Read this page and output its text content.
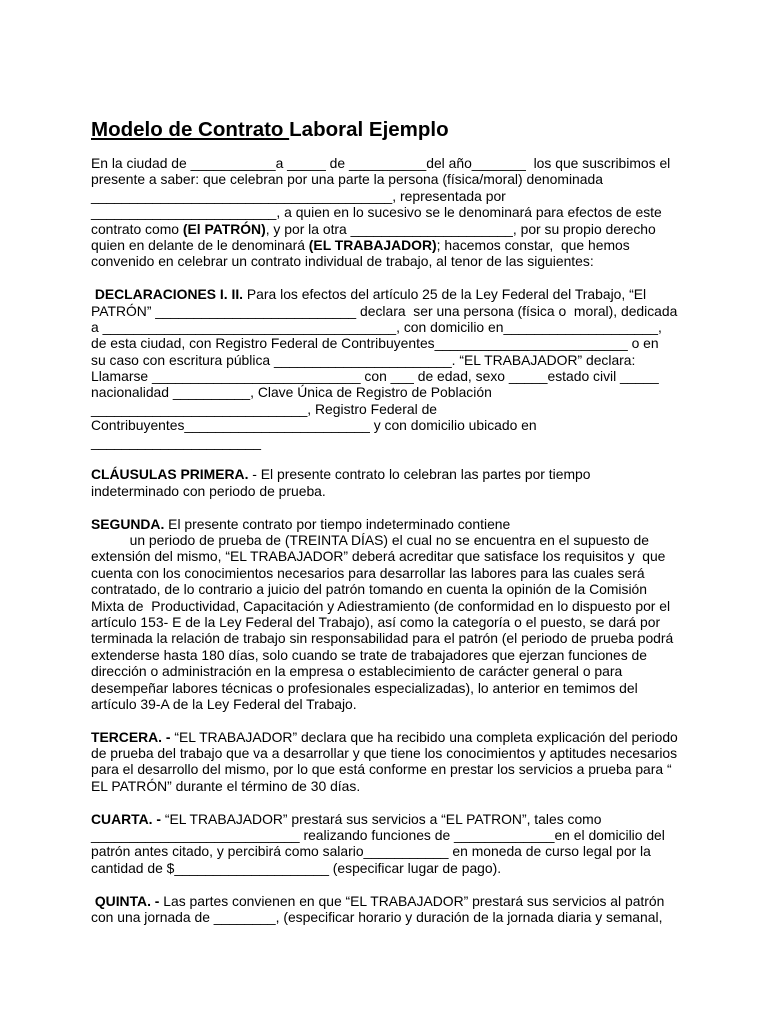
Modelo de Contrato Laboral Ejemplo
En la ciudad de ___________a _____ de __________del año_______  los que suscribimos el
presente a saber: que celebran por una parte la persona (física/moral) denominada
_______________________________________, representada por
________________________, a quien en lo sucesivo se le denominará para efectos de este
contrato como (El PATRÓN), y por la otra _____________________, por su propio derecho
quien en delante de le denominará (EL TRABAJADOR); hacemos constar,  que hemos
convenido en celebrar un contrato individual de trabajo, al tenor de las siguientes:
DECLARACIONES I. II. Para los efectos del artículo 25 de la Ley Federal del Trabajo, “El
PATRÓN” __________________________ declara  ser una persona (física o  moral), dedicada
a ______________________________________, con domicilio en____________________,
de esta ciudad, con Registro Federal de Contribuyentes_________________________ o en
su caso con escritura pública _______________________. “EL TRABAJADOR” declara:
Llamarse ___________________________ con ___ de edad, sexo _____estado civil _____
nacionalidad __________, Clave Única de Registro de Población
____________________________, Registro Federal de
Contribuyentes________________________ y con domicilio ubicado en
______________________
CLÁUSULAS PRIMERA. - El presente contrato lo celebran las partes por tiempo
indeterminado con periodo de prueba.
SEGUNDA. El presente contrato por tiempo indeterminado contiene
un periodo de prueba de (TREINTA DÍAS) el cual no se encuentra en el supuesto de
extensión del mismo, “EL TRABAJADOR” deberá acreditar que satisface los requisitos y  que
cuenta con los conocimientos necesarios para desarrollar las labores para las cuales será
contratado, de lo contrario a juicio del patrón tomando en cuenta la opinión de la Comisión
Mixta de  Productividad, Capacitación y Adiestramiento (de conformidad en lo dispuesto por el
artículo 153- E de la Ley Federal del Trabajo), así como la categoría o el puesto, se dará por
terminada la relación de trabajo sin responsabilidad para el patrón (el periodo de prueba podrá
extenderse hasta 180 días, solo cuando se trate de trabajadores que ejerzan funciones de
dirección o administración en la empresa o establecimiento de carácter general o para
desempeñar labores técnicas o profesionales especializadas), lo anterior en temimos del
artículo 39-A de la Ley Federal del Trabajo.
TERCERA. - “EL TRABAJADOR” declara que ha recibido una completa explicación del periodo
de prueba del trabajo que va a desarrollar y que tiene los conocimientos y aptitudes necesarios
para el desarrollo del mismo, por lo que está conforme en prestar los servicios a prueba para “
EL PATRÓN” durante el término de 30 días.
CUARTA. - “EL TRABAJADOR” prestará sus servicios a “EL PATRON”, tales como
___________________________ realizando funciones de _____________en el domicilio del
patrón antes citado, y percibirá como salario___________ en moneda de curso legal por la
cantidad de $____________________ (especificar lugar de pago).
QUINTA. - Las partes convienen en que “EL TRABAJADOR” prestará sus servicios al patrón
con una jornada de ________, (especificar horario y duración de la jornada diaria y semanal,
